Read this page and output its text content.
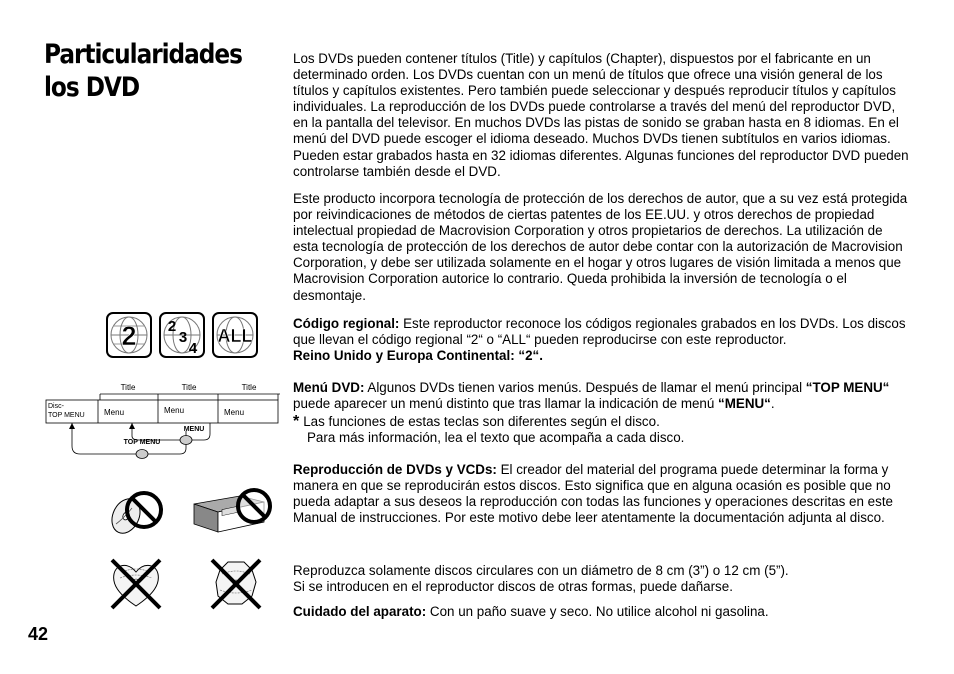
Particularidades
los DVD
42
2 2
3
4
ALL
Title	Title	Title
Disc-
TOP MENU Menu	Menu	Menu
TOP MENU
MENU

Los DVDs pueden contener títulos (Title) y capítulos (Chapter), dispuestos por el fabricante en un determinado orden. Los DVDs cuentan con un menú de títulos que ofrece una visión general de los títulos y capítulos existentes. Pero también puede seleccionar y después reproducir títulos y capítulos individuales. La reproducción de los DVDs puede controlarse a través del menú del reproductor DVD, en la pantalla del televisor. En muchos DVDs las pistas de sonido se graban hasta en 8 idiomas. En el menú del DVD puede escoger el idioma deseado. Muchos DVDs tienen subtítulos en varios idiomas. Pueden estar grabados hasta en 32 idiomas diferentes. Algunas funciones del reproductor DVD pueden controlarse también desde el DVD.

Este producto incorpora tecnología de protección de los derechos de autor, que a su vez está protegida por reivindicaciones de métodos de ciertas patentes de los EE.UU. y otros derechos de propiedad intelectual propiedad de Macrovision Corporation y otros propietarios de derechos. La utilización de esta tecnología de protección de los derechos de autor debe contar con la autorización de Macrovision Corporation, y debe ser utilizada solamente en el hogar y otros lugares de visión limitada a menos que Macrovision Corporation autorice lo contrario. Queda prohibida la inversión de tecnología o el desmontaje.

Código regional: Este reproductor reconoce los códigos regionales grabados en los DVDs. Los discos que llevan el código regional “2“ o “ALL“ pueden reproducirse con este reproductor.
Reino Unido y Europa Continental: “2“.

Menú DVD: Algunos DVDs tienen varios menús. Después de llamar el menú principal “TOP MENU“ puede aparecer un menú distinto que tras llamar la indicación de menú “MENU“.

* Las funciones de estas teclas son diferentes según el disco.
Para más información, lea el texto que acompaña a cada disco.

Reproducción de DVDs y VCDs: El creador del material del programa puede determinar la forma y manera en que se reproducirán estos discos. Esto significa que en alguna ocasión es posible que no pueda adaptar a sus deseos la reproducción con todas las funciones y operaciones descritas en este Manual de instrucciones. Por este motivo debe leer atentamente la documentación adjunta al disco.

Reproduzca solamente discos circulares con un diámetro de 8 cm (3”) o 12 cm (5”).
Si se introducen en el reproductor discos de otras formas, puede dañarse.

Cuidado del aparato: Con un paño suave y seco. No utilice alcohol ni gasolina.
